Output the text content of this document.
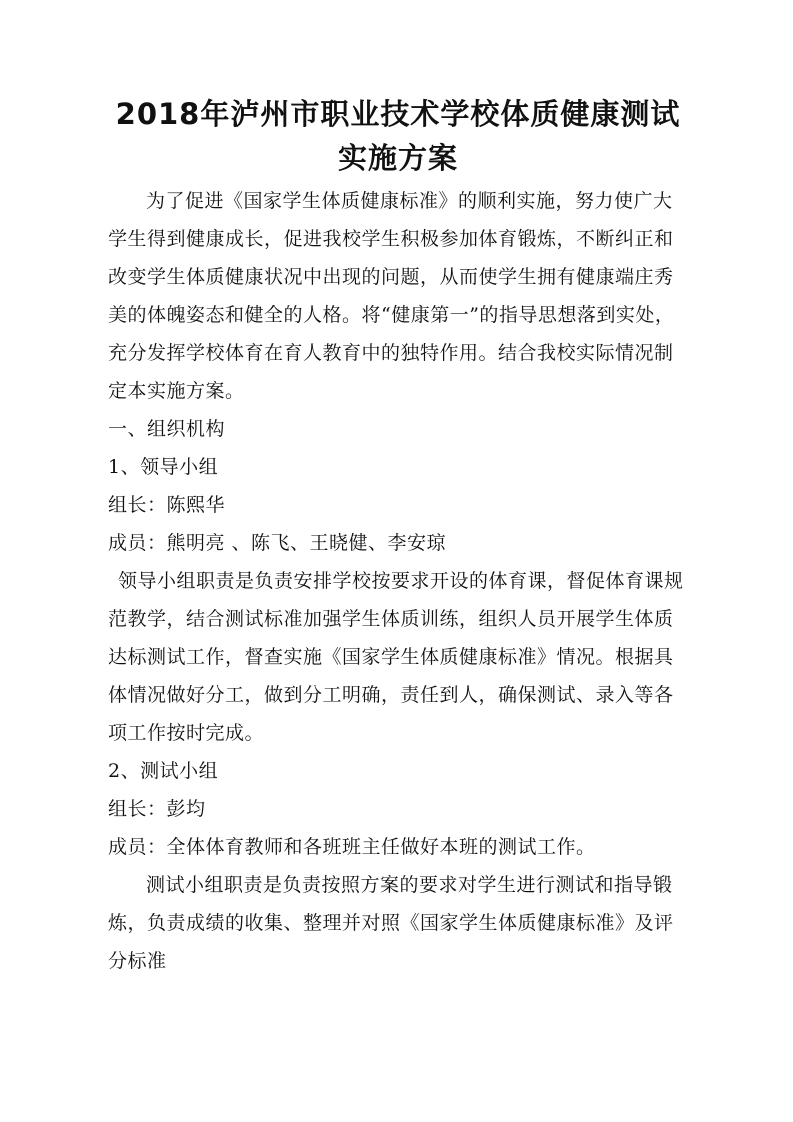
2018年泸州市职业技术学校体质健康测试
实施方案

为了促进《国家学生体质健康标准》的顺利实施，努力使广大学生得到健康成长，促进我校学生积极参加体育锻炼，不断纠正和改变学生体质健康状况中出现的问题，从而使学生拥有健康端庄秀美的体魄姿态和健全的人格。将“健康第一”的指导思想落到实处，充分发挥学校体育在育人教育中的独特作用。结合我校实际情况制定本实施方案。

一、组织机构

1、领导小组

组长：陈熙华

成员：熊明亮 、陈飞、王晓健、李安琼

领导小组职责是负责安排学校按要求开设的体育课，督促体育课规范教学，结合测试标准加强学生体质训练，组织人员开展学生体质达标测试工作，督查实施《国家学生体质健康标准》情况。根据具体情况做好分工，做到分工明确，责任到人，确保测试、录入等各项工作按时完成。

2、测试小组

组长：彭均

成员：全体体育教师和各班班主任做好本班的测试工作。

测试小组职责是负责按照方案的要求对学生进行测试和指导锻炼，负责成绩的收集、整理并对照《国家学生体质健康标准》及评分标准
